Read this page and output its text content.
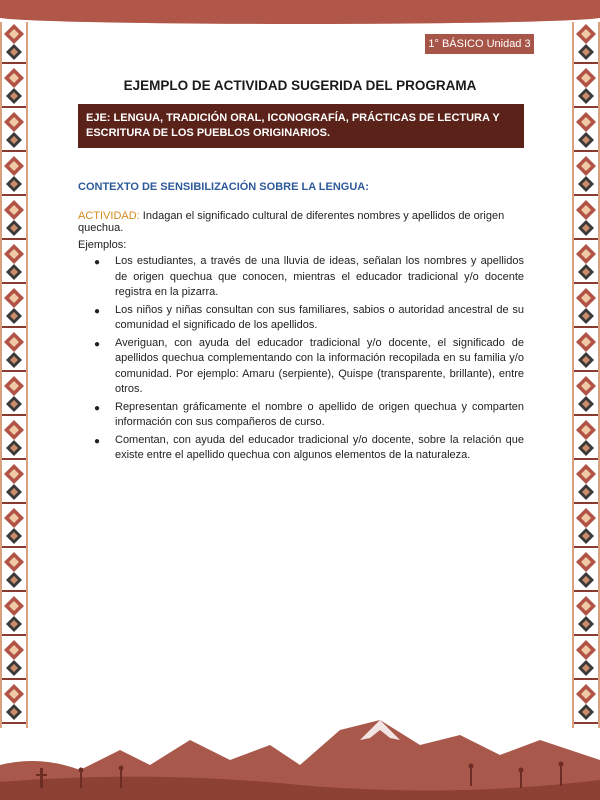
1° BÁSICO Unidad 3
EJEMPLO DE ACTIVIDAD SUGERIDA DEL PROGRAMA
EJE: LENGUA, TRADICIÓN ORAL, ICONOGRAFÍA, PRÁCTICAS DE LECTURA Y ESCRITURA DE LOS PUEBLOS ORIGINARIOS.
CONTEXTO DE SENSIBILIZACIÓN SOBRE LA LENGUA:
ACTIVIDAD: Indagan el significado cultural de diferentes nombres y apellidos de origen quechua.
Ejemplos:
● Los estudiantes, a través de una lluvia de ideas, señalan los nombres y apellidos de origen quechua que conocen, mientras el educador tradicional y/o docente registra en la pizarra.
● Los niños y niñas consultan con sus familiares, sabios o autoridad ancestral de su comunidad el significado de los apellidos.
● Averiguan, con ayuda del educador tradicional y/o docente, el significado de apellidos quechua complementando con la información recopilada en su familia y/o comunidad. Por ejemplo: Amaru (serpiente), Quispe (transparente, brillante), entre otros.
● Representan gráficamente el nombre o apellido de origen quechua y comparten información con sus compañeros de curso.
● Comentan, con ayuda del educador tradicional y/o docente, sobre la relación que existe entre el apellido quechua con algunos elementos de la naturaleza.
